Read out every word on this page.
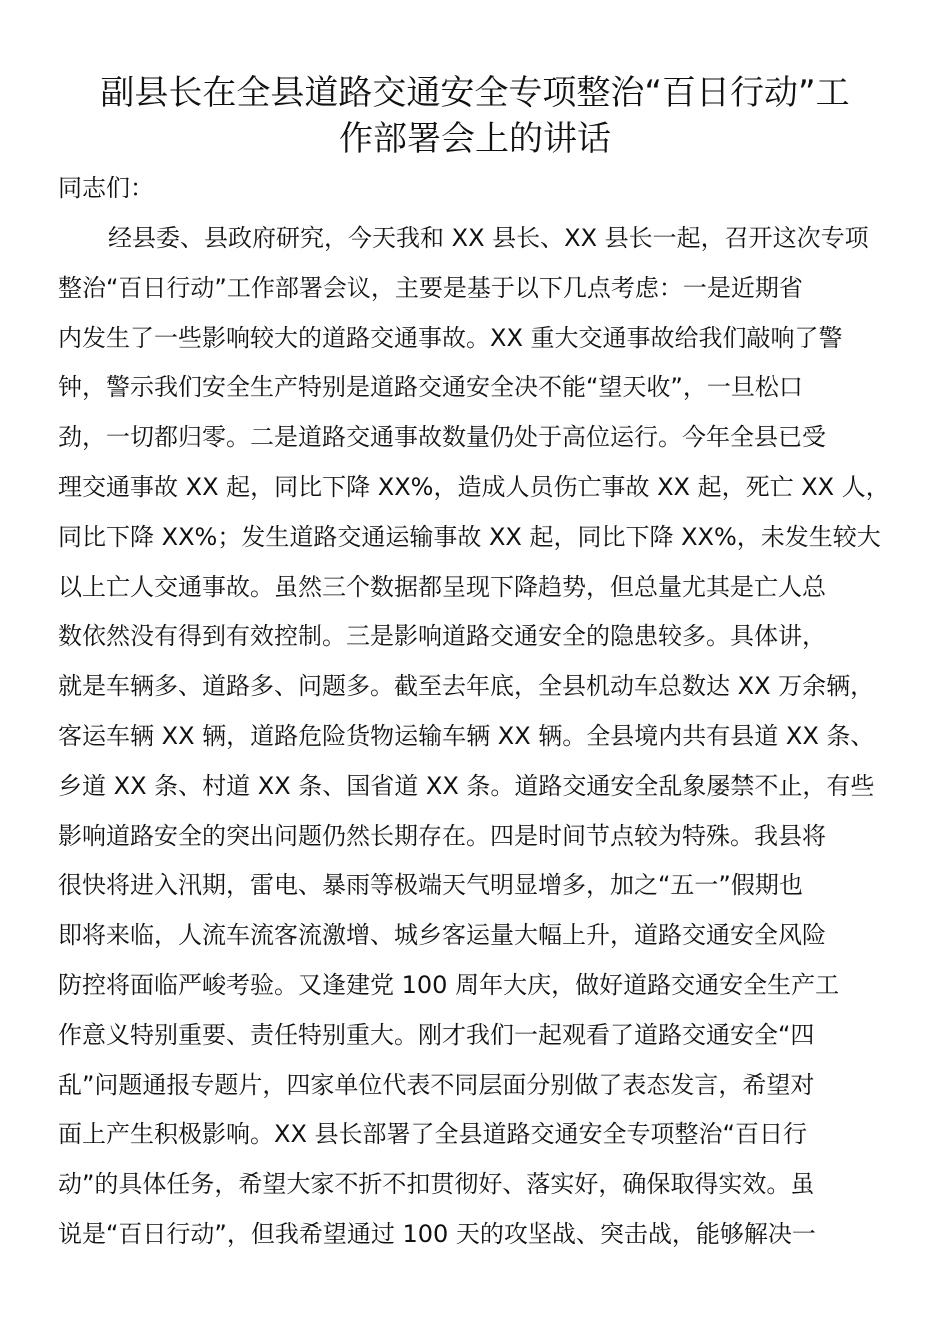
副县长在全县道路交通安全专项整治“百日行动”工
作部署会上的讲话

同志们：

经县委、县政府研究，今天我和 XX 县长、XX 县长一起，召开这次专项
整治“百日行动”工作部署会议，主要是基于以下几点考虑：一是近期省
内发生了一些影响较大的道路交通事故。XX 重大交通事故给我们敲响了警
钟，警示我们安全生产特别是道路交通安全决不能“望天收”，一旦松口
劲，一切都归零。二是道路交通事故数量仍处于高位运行。今年全县已受
理交通事故 XX 起，同比下降 XX%，造成人员伤亡事故 XX 起，死亡 XX 人，
同比下降 XX%；发生道路交通运输事故 XX 起，同比下降 XX%，未发生较大
以上亡人交通事故。虽然三个数据都呈现下降趋势，但总量尤其是亡人总
数依然没有得到有效控制。三是影响道路交通安全的隐患较多。具体讲，
就是车辆多、道路多、问题多。截至去年底，全县机动车总数达 XX 万余辆，
客运车辆 XX 辆，道路危险货物运输车辆 XX 辆。全县境内共有县道 XX 条、
乡道 XX 条、村道 XX 条、国省道 XX 条。道路交通安全乱象屡禁不止，有些
影响道路安全的突出问题仍然长期存在。四是时间节点较为特殊。我县将
很快将进入汛期，雷电、暴雨等极端天气明显增多，加之“五一”假期也
即将来临，人流车流客流激增、城乡客运量大幅上升，道路交通安全风险
防控将面临严峻考验。又逢建党 100 周年大庆，做好道路交通安全生产工
作意义特别重要、责任特别重大。刚才我们一起观看了道路交通安全“四
乱”问题通报专题片，四家单位代表不同层面分别做了表态发言，希望对
面上产生积极影响。XX 县长部署了全县道路交通安全专项整治“百日行
动”的具体任务，希望大家不折不扣贯彻好、落实好，确保取得实效。虽
说是“百日行动”，但我希望通过 100 天的攻坚战、突击战，能够解决一
